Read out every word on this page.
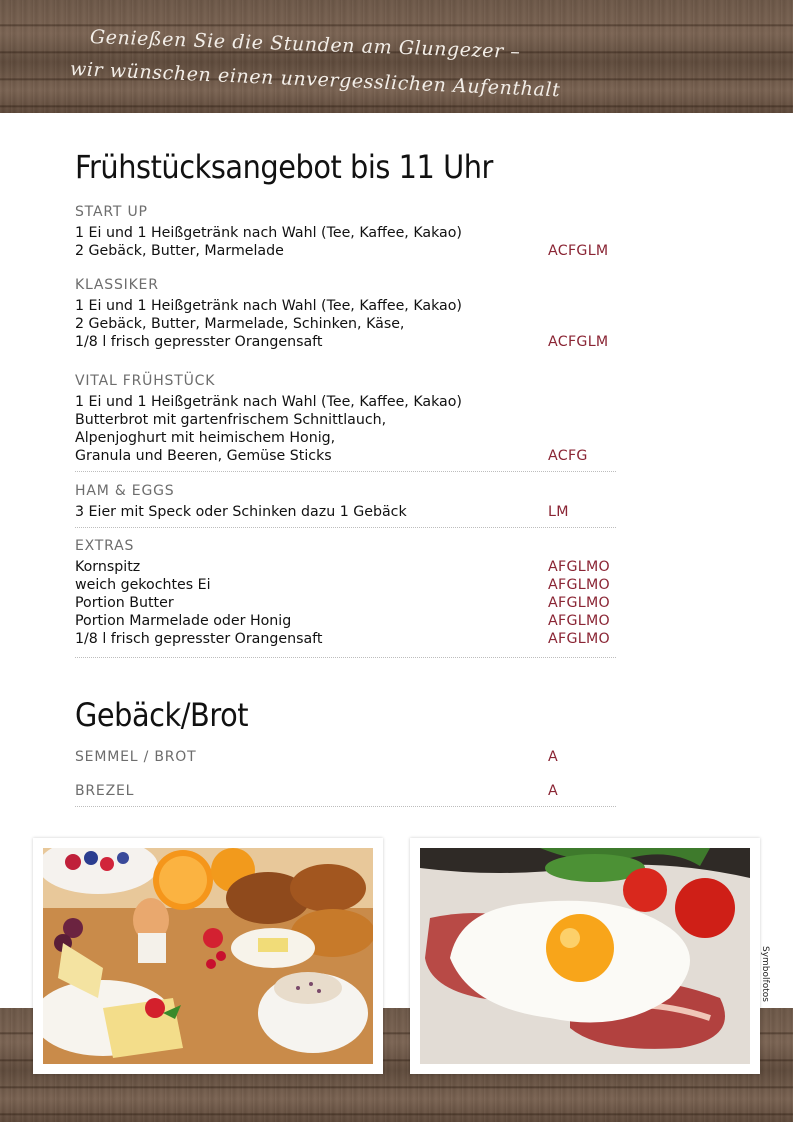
Genießen Sie die Stunden am Glungezer –
wir wünschen einen unvergesslichen Aufenthalt
Frühstücksangebot bis 11 Uhr
START UP
1 Ei und 1 Heißgetränk nach Wahl (Tee, Kaffee, Kakao)
2 Gebäck, Butter, Marmelade	ACFGLM
KLASSIKER
1 Ei und 1 Heißgetränk nach Wahl (Tee, Kaffee, Kakao)
2 Gebäck, Butter, Marmelade, Schinken, Käse,
1/8 l frisch gepresster Orangensaft	ACFGLM
VITAL FRÜHSTÜCK
1 Ei und 1 Heißgetränk nach Wahl (Tee, Kaffee, Kakao)
Butterbrot mit gartenfrischem Schnittlauch,
Alpenjoghurt mit heimischem Honig,
Granula und Beeren, Gemüse Sticks	ACFG
HAM & EGGS
3 Eier mit Speck oder Schinken dazu 1 Gebäck	LM
EXTRAS
Kornspitz	AFGLMO
weich gekochtes Ei	AFGLMO
Portion Butter	AFGLMO
Portion Marmelade oder Honig	AFGLMO
1/8 l frisch gepresster Orangensaft	AFGLMO
Gebäck/Brot
SEMMEL / BROT	A
BREZEL	A
Symbolfotos
